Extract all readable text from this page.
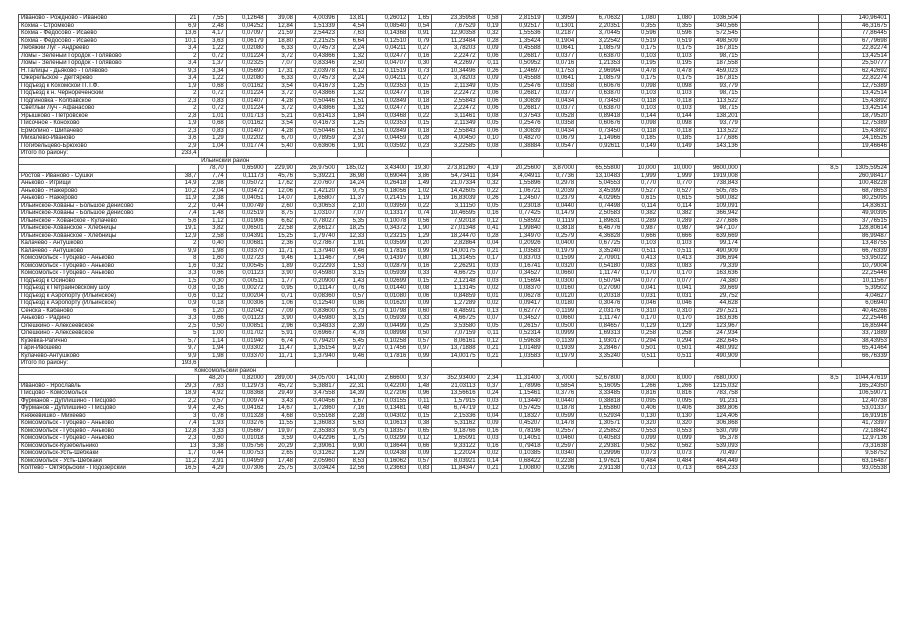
Иваново - Рождново - Иваново	21	7,55	0,12648	39,08	4,00396	13,81	0,26012	1,65	23,35958	0,58	2,81519	0,3959	6,70632	1,080	1,080	1036,504			140,96401
Кохма - Стромково	6,9	2,48	0,04252	12,84	1,51339	4,54	0,08540	0,54	7,67529	0,19	0,92517	0,1301	2,20351	0,355	0,355	340,566			46,31675
Кохма - Федосово - Исаево	13,6	4,17	0,07097	21,59	2,54423	7,63	0,14368	0,91	12,90358	0,32	1,55536	0,2187	3,70445	0,596	0,596	572,545			77,86445
Кохма - Федосово - Исаево	10,1	3,63	0,06179	18,80	2,21525	6,64	0,12510	0,79	11,23484	0,28	1,35424	0,1904	3,22542	0,519	0,519	498,509			67,79698
Лебяжий Луг - Андреево	3,4	1,22	0,02080	6,33	0,74573	2,24	0,04211	0,27	3,78203	0,09	0,45588	0,0641	1,08579	0,175	0,175	167,815			22,82274
Ломы - Зеленый Городок - Голявово	2	0,72	0,01224	3,72	0,43866	1,32	0,02477	0,16	2,22472	0,06	0,26817	0,0377	0,63870	0,103	0,103	98,715			13,42514
Ломы - Зеленый Городок - Голявово	3,4	1,37	0,02325	7,07	0,83346	2,50	0,04707	0,30	4,22697	0,11	0,50952	0,0716	1,21353	0,195	0,195	187,558			25,50777
Н.Талицы - Дьяково - Голявово	9,3	3,34	0,05690	17,31	2,03978	6,12	0,11519	0,73	10,34496	0,26	1,24697	0,1753	2,96994	0,478	0,478	459,023			62,42692
Ожерельское - Дегтярево	3,4	1,22	0,02080	6,33	0,74573	2,24	0,04211	0,27	3,78203	0,09	0,45588	0,0641	1,08579	0,175	0,175	167,815			22,82274
Подъезд к Кохомской П.Т.Ф.	1,9	0,68	0,01162	3,54	0,41673	1,25	0,02353	0,15	2,11349	0,05	0,25476	0,0358	0,60676	0,098	0,098	93,779			12,75389
Подъезд к н. Чернореченский	2	0,72	0,01224	3,72	0,43866	1,32	0,02477	0,16	2,22472	0,06	0,26817	0,0377	0,63870	0,103	0,103	98,715			13,42514
Подгиновка - Колбавское	2,3	0,83	0,01407	4,28	0,50446	1,51	0,02849	0,18	2,55843	0,06	0,30839	0,0434	0,73450	0,118	0,118	113,522			15,43892
Светлый Луч - Афанасово	2	0,72	0,01224	3,72	0,43866	1,32	0,02477	0,16	2,22472	0,06	0,26817	0,0377	0,63870	0,103	0,103	98,715			13,42514
Ярышково - Петровское	2,8	1,01	0,01713	5,21	0,61413	1,84	0,03468	0,22	3,11461	0,08	0,37543	0,0528	0,89418	0,144	0,144	138,201			18,79520
Писочное - Конохово	1,9	0,68	0,01162	3,54	0,41673	1,25	0,02353	0,15	2,11349	0,05	0,25476	0,0358	0,60676	0,098	0,098	93,779			12,75389
Ермолино - Шипачево	2,3	0,83	0,01407	4,28	0,50446	1,51	0,02849	0,18	2,55843	0,06	0,30839	0,0434	0,73450	0,118	0,118	113,522			15,43892
Михалево-Иваново	3,6	1,29	0,02202	6,70	0,78959	2,37	0,04459	0,28	4,00450	0,10	0,48270	0,0679	1,14966	0,185	0,185	177,686			24,16526
Погибельцево-Брюхово	2,9	1,04	0,01774	5,40	0,63606	1,91	0,03592	0,23	3,22585	0,08	0,38884	0,0547	0,92611	0,149	0,149	143,136			19,46646
Итого по району:	233,4																		
Ильинский район																			
		78,70	0,65900	229,90	26,97500	185,02	3,43400	19,30	273,81260	4,19	20,25600	3,87000	65,55800	10,000	10,000	9600,000		8,5	1305,59524
Ростов - Иваново - Сушки	38,7	7,74	0,11173	45,76	5,39221	36,98	0,69044	3,86	54,73411	0,84	4,04911	0,7736	13,10483	1,999	1,999	1919,008			260,98417
Аньково - Игрищи	14,9	2,98	0,05072	17,62	2,07607	14,24	0,26418	1,49	21,07334	0,32	1,55896	0,2978	5,04553	0,770	0,770	738,843			100,48228
Аньково - Нажерово	10,2	2,04	0,03472	12,06	1,42120	9,75	0,18056	1,02	14,42605	0,22	1,06721	0,2039	3,45399	0,527	0,527	505,785			68,78653
Аньково - Нажерово	11,9	2,38	0,04051	14,07	1,65807	11,37	0,21415	1,19	16,83039	0,26	1,24507	0,2379	4,02965	0,615	0,615	590,082			80,25095
Ильинское-Хованы - Большое Денисово	2,2	0,44	0,00749	2,60	0,30653	2,10	0,03959	0,22	3,11150	0,05	0,23018	0,0440	0,74498	0,114	0,114	109,091			14,83631
Ильинское-Хованы - Большое Денисово	7,4	1,48	0,02519	8,75	1,03107	7,07	0,13317	0,74	10,46595	0,16	0,77425	0,1479	2,50583	0,382	0,382	366,942			49,90395
Ильинское - Хованское - Кулачево	5,6	1,12	0,01906	6,62	0,78027	5,35	0,10078	0,56	7,92018	0,12	0,58592	0,1119	1,89631	0,289	0,289	277,686			37,76515
Ильинское-Хованское - Хлебницы	19,1	3,82	0,06501	22,58	2,66127	18,25	0,34372	1,90	27,01348	0,41	1,99840	0,3818	6,46776	0,987	0,987	947,107			128,80614
Ильинское-Хованское - Хлебницы	12,9	2,58	0,04391	15,25	1,79740	12,33	0,23215	1,29	18,24470	0,28	1,34970	0,2579	4,36828	0,666	0,666	639,669			86,99487
Калачево - Антушково	2	0,40	0,00681	2,36	0,27867	1,91	0,03599	0,20	2,82864	0,04	0,20926	0,0400	0,67725	0,103	0,103	99,174			13,48755
Калачево - Антушково	9,9	1,98	0,03370	11,71	1,37940	9,46	0,17816	0,99	14,00175	0,21	1,03583	0,1979	3,35240	0,511	0,511	490,909			66,76339
Комсомольск - Губцево - Аньково	8	1,60	0,02723	9,46	1,11467	7,64	0,14397	0,80	11,31455	0,17	0,83703	0,1599	2,70901	0,413	0,413	396,694			53,95022
Комсомольск - Губцево - Аньково	1,6	0,32	0,00545	1,89	0,22293	1,53	0,02879	0,16	2,26291	0,03	0,16741	0,0320	0,54180	0,083	0,083	79,339			10,79004
Комсомольск - Губцево - Аньково	3,3	0,66	0,01123	3,90	0,45980	3,15	0,05939	0,33	4,66725	0,07	0,34527	0,0660	1,11747	0,170	0,170	163,636			22,25446
Подъезд к Осиново	1,5	0,30	0,00511	1,77	0,20900	1,43	0,02699	0,15	2,12148	0,03	0,15694	0,0300	0,50794	0,077	0,077	74,380			10,11567
Подъезд к Петрайновскому шоу	0,8	0,16	0,00272	0,95	0,11147	0,76	0,01440	0,08	1,13145	0,02	0,08370	0,0160	0,27090	0,041	0,041	39,669			5,39502
Подъезд к Аэропорту (Ильинское)	0,6	0,12	0,00204	0,71	0,08360	0,57	0,01080	0,06	0,84859	0,01	0,06278	0,0120	0,20318	0,031	0,031	29,752			4,04627
Подъезд к Аэропорту (Ильинское)	0,9	0,18	0,00306	1,06	0,12540	0,86	0,01620	0,09	1,27289	0,02	0,09417	0,0180	0,30476	0,046	0,046	44,628			6,06940
Сенска - Кабаново	6	1,20	0,02042	7,09	0,83600	5,73	0,10798	0,60	8,48591	0,13	0,62777	0,1199	2,03176	0,310	0,310	297,521			40,46266
Аньково - Радино	3,3	0,66	0,01123	3,90	0,45980	3,15	0,05939	0,33	4,66725	0,07	0,34527	0,0660	1,11747	0,170	0,170	163,636			22,25446
Олешкино - Алексеевское	2,5	0,50	0,00851	2,96	0,34833	2,39	0,04499	0,25	3,53580	0,05	0,26157	0,0500	0,84657	0,129	0,129	123,967			16,85944
Олешкино - Алексеевское	5	1,00	0,01702	5,91	0,69667	4,78	0,08998	0,50	7,07159	0,11	0,52314	0,0999	1,69313	0,258	0,258	247,934			33,71889
Кузевка-Рагично	5,7	1,14	0,01940	6,74	0,79420	5,45	0,10258	0,57	8,06161	0,12	0,59638	0,1139	1,93017	0,294	0,294	282,645			38,43953
Гари-Ивошево	9,7	1,94	0,03302	11,47	1,35154	9,27	0,17456	0,97	13,71888	0,21	1,01489	0,1939	3,28467	0,501	0,501	480,992			65,41464
Кулачево-Антушково	9,9	1,98	0,03370	11,71	1,37940	9,46	0,17816	0,99	14,00175	0,21	1,03583	0,1979	3,35240	0,511	0,511	490,909			66,76339
Итого по району:	193,6																		
Комсомольский район																			
		48,20	0,82000	289,00	34,05700	141,00	2,66600	9,37	352,93400	2,34	11,31400	3,7000	52,67800	8,000	8,000	7680,000		8,5	1044,47619
Иваново - Ярославль	29,3	7,63	0,12973	45,72	5,38817	22,31	0,42200	1,48	21,03113	0,37	1,78996	0,5854	5,16095	1,266	1,266	1215,032			165,24350
Писцово - Комсомольск	18,9	4,92	0,08368	29,49	3,47558	14,39	0,27206	0,96	13,56616	0,24	1,15461	0,3776	3,33485	0,816	0,816	783,758			106,59071
Фурманов - Дуплишино - Писцово	2,2	0,57	0,00974	3,43	0,40456	1,67	0,03155	0,11	1,57915	0,03	0,13440	0,0440	0,38818	0,095	0,095	91,231			12,40738
Фурманов - Дуплишино - Писцово	9,4	2,45	0,04162	14,67	1,72860	7,16	0,13481	0,48	6,74719	0,12	0,57425	0,1878	1,65860	0,406	0,406	389,806			53,01337
Княжевишко - Михеево	3	0,78	0,01328	4,68	0,55168	2,28	0,04302	0,15	2,15336	0,04	0,18327	0,0599	0,52934	0,130	0,130	124,406			16,91916
Комсомольск - Губцево - Аньково	7,4	1,93	0,03276	11,55	1,36083	5,63	0,10613	0,38	5,31162	0,09	0,45207	0,1478	1,30571	0,320	0,320	306,868			41,73397
Комсомольск - Губцево - Аньково	12,8	3,33	0,05667	19,97	2,35383	9,75	0,18357	0,65	9,18766	0,16	0,78196	0,2557	2,25852	0,553	0,553	530,799			72,18842
Комсомольск - Губцево - Аньково	2,3	0,60	0,01018	3,59	0,42296	1,75	0,03299	0,12	1,65091	0,03	0,14051	0,0460	0,40583	0,099	0,099	95,378			12,97136
Комсомольск-Кузебельнико	13	3,38	0,05756	20,29	2,39061	9,90	0,18644	0,66	9,33122	0,16	0,79418	0,2597	2,29381	0,562	0,562	539,093			73,31638
Комсомольск-Усть-Шебкаки	1,7	0,44	0,00753	2,65	0,31262	1,29	0,02438	0,09	1,22024	0,02	0,10385	0,0340	0,29996	0,073	0,073	70,497			9,58752
Комсомольск - Усть-Шебкаки	11,2	2,91	0,04959	17,48	2,05960	8,53	0,16062	0,57	8,03921	0,14	0,68422	0,2238	1,97621	0,484	0,484	464,449			63,16487
Колтево - Октябрьский - Подозерский	16,5	4,29	0,07306	25,75	3,03424	12,56	0,23663	0,83	11,84347	0,21	1,00800	0,3296	2,91138	0,713	0,713	684,233			93,05538
